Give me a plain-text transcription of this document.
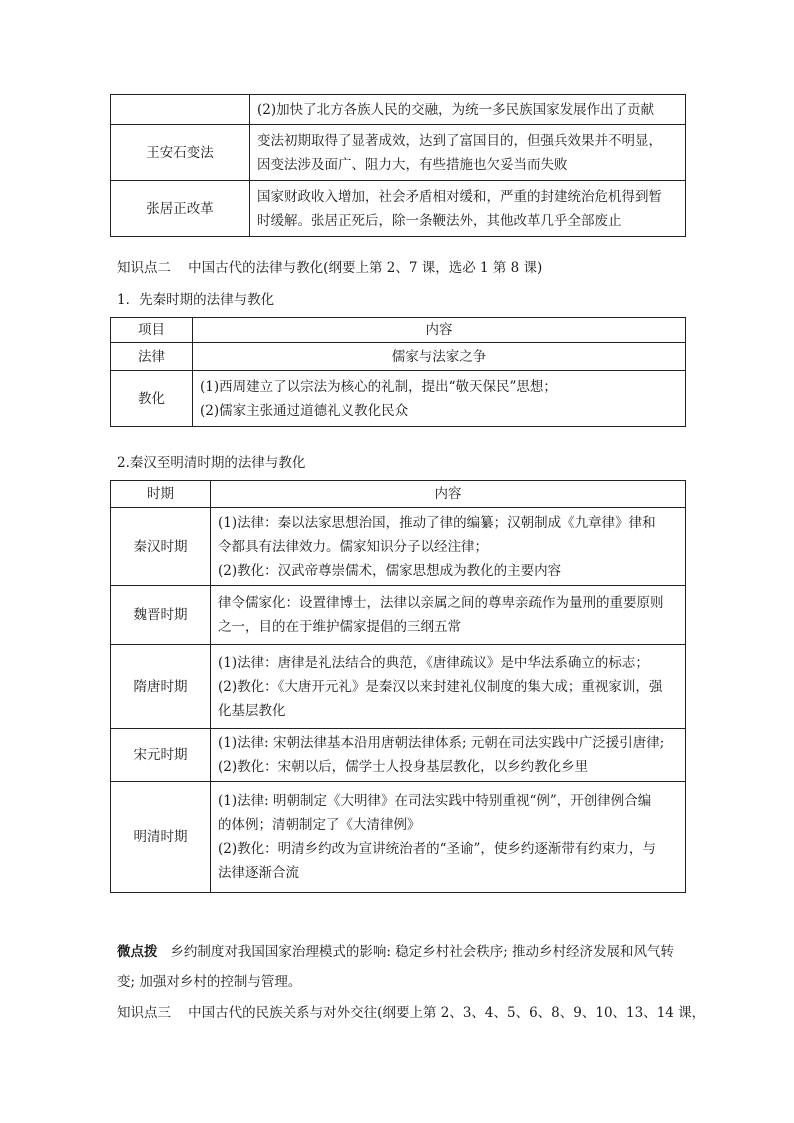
	(2)加快了北方各族人民的交融，为统一多民族国家发展作出了贡献

王安石变法	变法初期取得了显著成效，达到了富国目的，但强兵效果并不明显，
因变法涉及面广、阻力大，有些措施也欠妥当而失败

张居正改革	国家财政收入增加，社会矛盾相对缓和，严重的封建统治危机得到暂
时缓解。张居正死后，除一条鞭法外，其他改革几乎全部废止
知识点二 中国古代的法律与教化(纲要上第 2、7 课，选必 1 第 8 课)
1．先秦时期的法律与教化
项目	内容
法律	儒家与法家之争

教化	(1)西周建立了以宗法为核心的礼制，提出“敬天保民”思想；
(2)儒家主张通过道德礼义教化民众
2.秦汉至明清时期的法律与教化
时期	内容
秦汉时期	(1)法律：秦以法家思想治国，推动了律的编纂；汉朝制成《九章律》律和
令都具有法律效力。儒家知识分子以经注律；
(2)教化：汉武帝尊崇儒术，儒家思想成为教化的主要内容

魏晋时期	律令儒家化：设置律博士，法律以亲属之间的尊卑亲疏作为量刑的重要原则
之一，目的在于维护儒家提倡的三纲五常

隋唐时期	(1)法律：唐律是礼法结合的典范，《唐律疏议》是中华法系确立的标志；
(2)教化：《大唐开元礼》是秦汉以来封建礼仪制度的集大成；重视家训，强
化基层教化

宋元时期	(1)法律: 宋朝法律基本沿用唐朝法律体系; 元朝在司法实践中广泛援引唐律;
(2)教化：宋朝以后，儒学士人投身基层教化，以乡约教化乡里

明清时期	(1)法律: 明朝制定《大明律》在司法实践中特别重视“例”，开创律例合编
的体例；清朝制定了《大清律例》
(2)教化：明清乡约改为宣讲统治者的“圣谕”，使乡约逐渐带有约束力，与
法律逐渐合流
微点拨 乡约制度对我国国家治理模式的影响: 稳定乡村社会秩序; 推动乡村经济发展和风气转变; 加强对乡村的控制与管理。
知识点三 中国古代的民族关系与对外交往(纲要上第 2、3、4、5、6、8、9、10、13、14 课，
